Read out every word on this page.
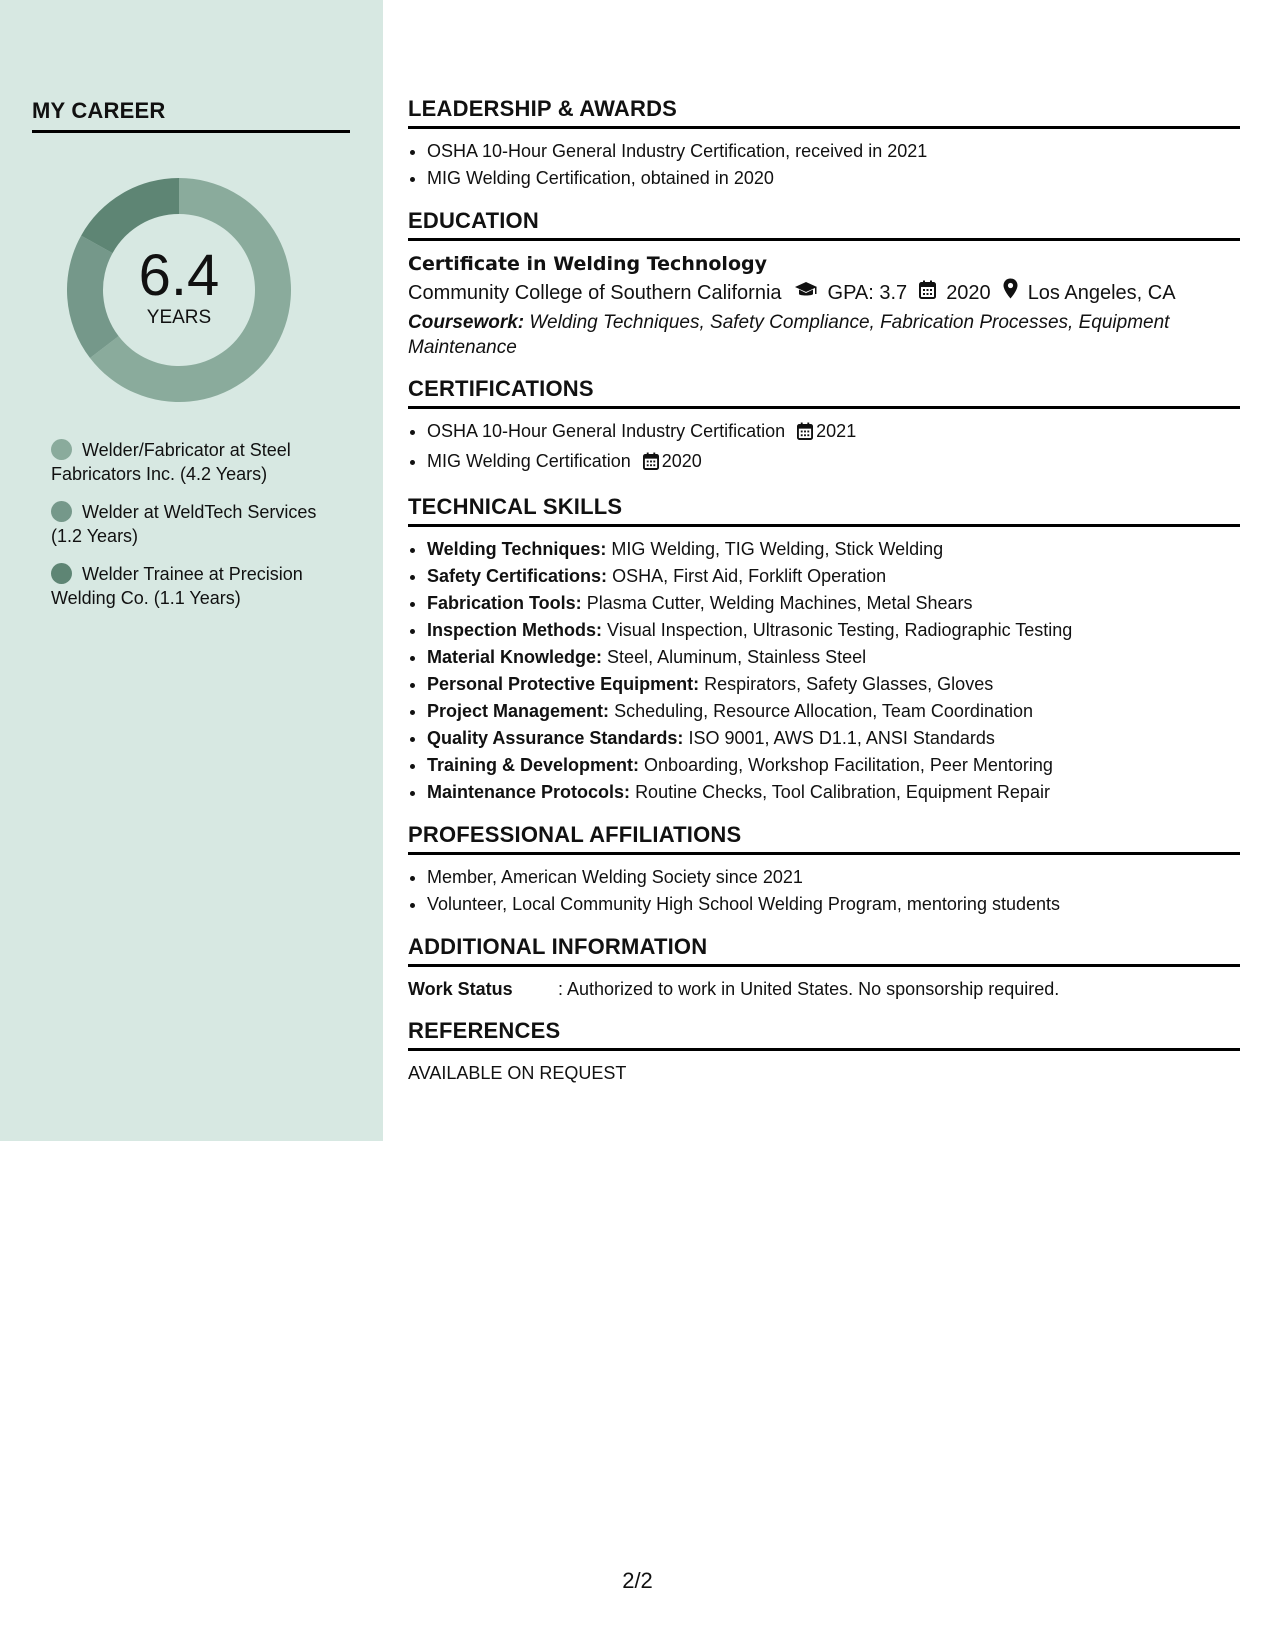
MY CAREER
6.4
YEARS
Welder/Fabricator at Steel Fabricators Inc. (4.2 Years)
Welder at WeldTech Services (1.2 Years)
Welder Trainee at Precision Welding Co. (1.1 Years)
LEADERSHIP & AWARDS
• OSHA 10-Hour General Industry Certification, received in 2021
• MIG Welding Certification, obtained in 2020
EDUCATION
Certificate in Welding Technology
Community College of Southern California GPA: 3.7 2020 Los Angeles, CA
Coursework: Welding Techniques, Safety Compliance, Fabrication Processes, Equipment Maintenance
CERTIFICATIONS
• OSHA 10-Hour General Industry Certification 2021
• MIG Welding Certification 2020
TECHNICAL SKILLS
• Welding Techniques: MIG Welding, TIG Welding, Stick Welding
• Safety Certifications: OSHA, First Aid, Forklift Operation
• Fabrication Tools: Plasma Cutter, Welding Machines, Metal Shears
• Inspection Methods: Visual Inspection, Ultrasonic Testing, Radiographic Testing
• Material Knowledge: Steel, Aluminum, Stainless Steel
• Personal Protective Equipment: Respirators, Safety Glasses, Gloves
• Project Management: Scheduling, Resource Allocation, Team Coordination
• Quality Assurance Standards: ISO 9001, AWS D1.1, ANSI Standards
• Training & Development: Onboarding, Workshop Facilitation, Peer Mentoring
• Maintenance Protocols: Routine Checks, Tool Calibration, Equipment Repair
PROFESSIONAL AFFILIATIONS
• Member, American Welding Society since 2021
• Volunteer, Local Community High School Welding Program, mentoring students
ADDITIONAL INFORMATION
Work Status	: Authorized to work in United States. No sponsorship required.
REFERENCES
AVAILABLE ON REQUEST
2/2
